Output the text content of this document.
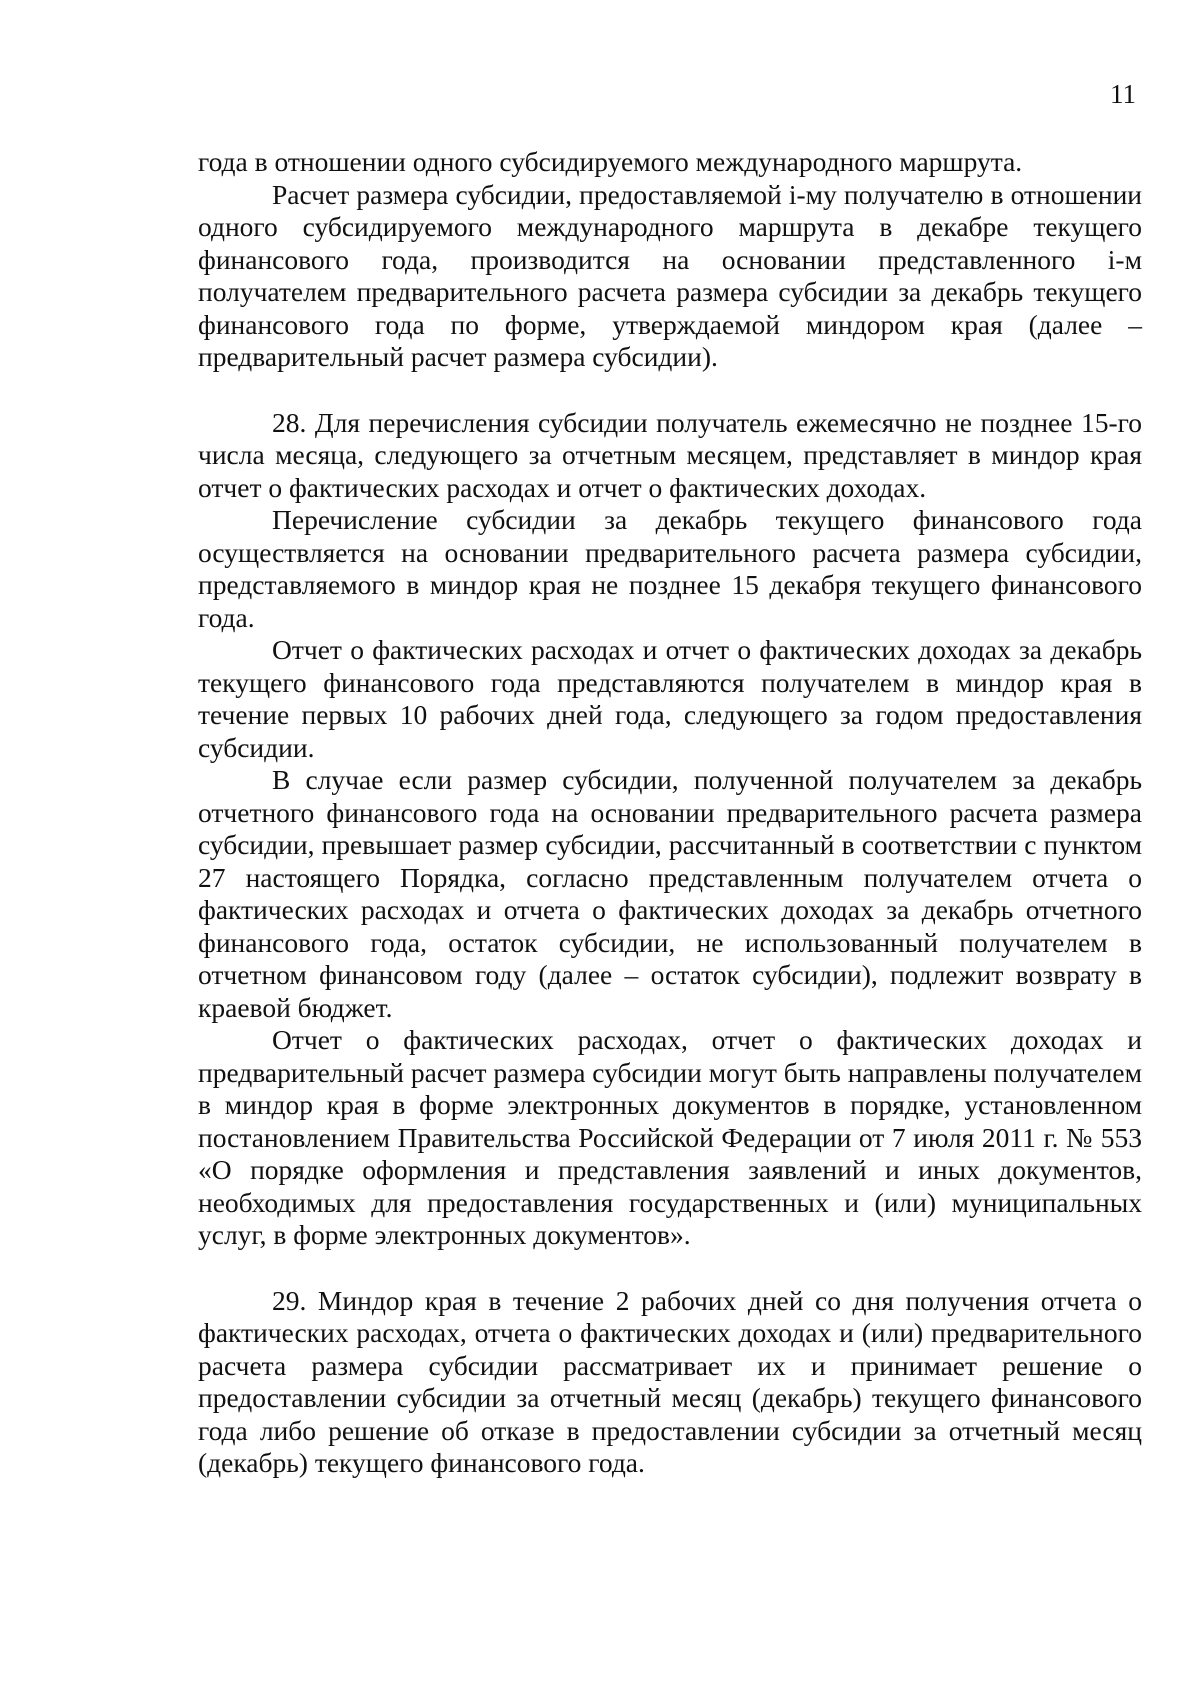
11

года в отношении одного субсидируемого международного маршрута.

Расчет размера субсидии, предоставляемой i-му получателю в отношении одного субсидируемого международного маршрута в декабре текущего финансового года, производится на основании представленного i-м получателем предварительного расчета размера субсидии за декабрь текущего финансового года по форме, утверждаемой миндором края (далее – предварительный расчет размера субсидии).

28. Для перечисления субсидии получатель ежемесячно не позднее 15-го числа месяца, следующего за отчетным месяцем, представляет в миндор края отчет о фактических расходах и отчет о фактических доходах.

Перечисление субсидии за декабрь текущего финансового года осуществляется на основании предварительного расчета размера субсидии, представляемого в миндор края не позднее 15 декабря текущего финансового года.

Отчет о фактических расходах и отчет о фактических доходах за декабрь текущего финансового года представляются получателем в миндор края в течение первых 10 рабочих дней года, следующего за годом предоставления субсидии.

В случае если размер субсидии, полученной получателем за декабрь отчетного финансового года на основании предварительного расчета размера субсидии, превышает размер субсидии, рассчитанный в соответствии с пунктом 27 настоящего Порядка, согласно представленным получателем отчета о фактических расходах и отчета о фактических доходах за декабрь отчетного финансового года, остаток субсидии, не использованный получателем в отчетном финансовом году (далее – остаток субсидии), подлежит возврату в краевой бюджет.

Отчет о фактических расходах, отчет о фактических доходах и предварительный расчет размера субсидии могут быть направлены получателем в миндор края в форме электронных документов в порядке, установленном постановлением Правительства Российской Федерации от 7 июля 2011 г. № 553 «О порядке оформления и представления заявлений и иных документов, необходимых для предоставления государственных и (или) муниципальных услуг, в форме электронных документов».

29. Миндор края в течение 2 рабочих дней со дня получения отчета о фактических расходах, отчета о фактических доходах и (или) предварительного расчета размера субсидии рассматривает их и принимает решение о предоставлении субсидии за отчетный месяц (декабрь) текущего финансового года либо решение об отказе в предоставлении субсидии за отчетный месяц (декабрь) текущего финансового года.
